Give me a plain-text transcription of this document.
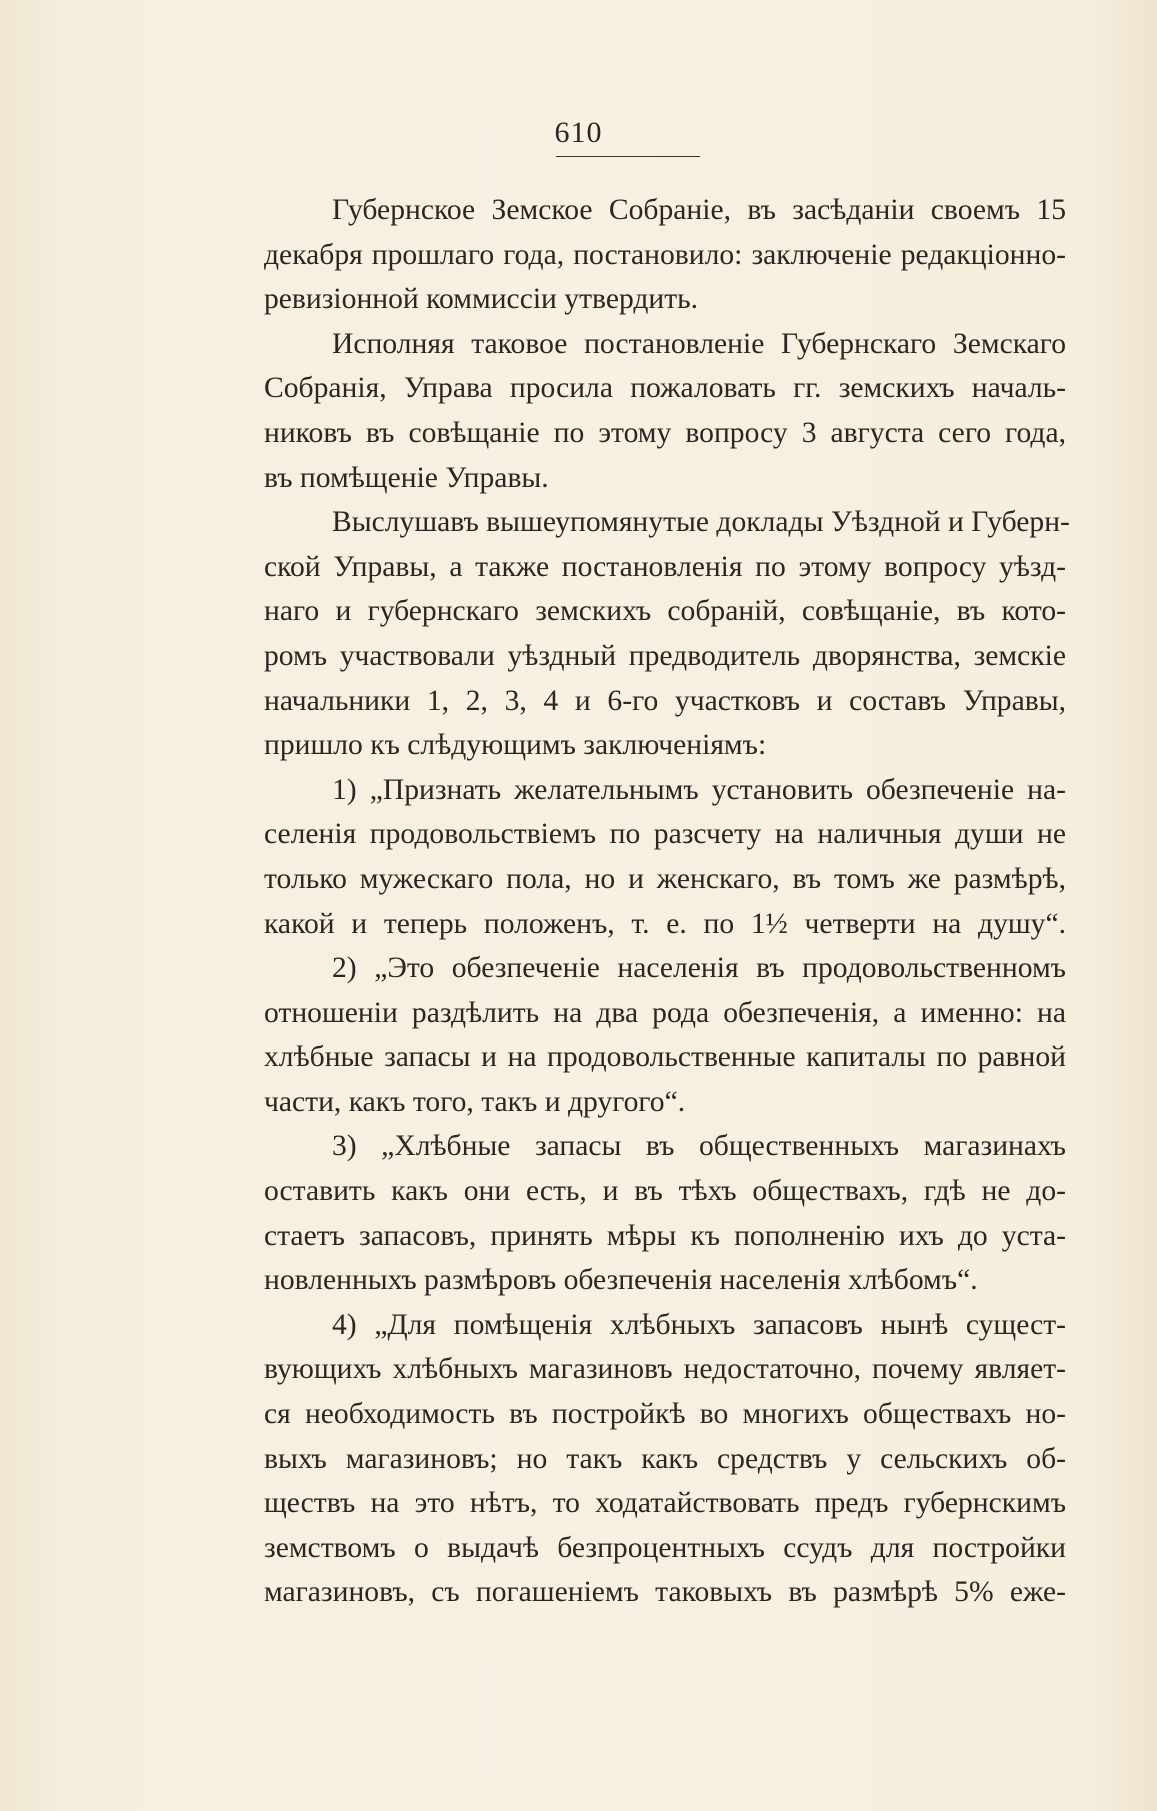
610
Губернское Земское Собраніе, въ засѣданіи своемъ 15
декабря прошлаго года, постановило: заключеніе редакціонно-
ревизіонной коммиссіи утвердить.
Исполняя таковое постановленіе Губернскаго Земскаго
Собранія, Управа просила пожаловать гг. земскихъ началь-
никовъ въ совѣщаніе по этому вопросу 3 августа сего года,
въ помѣщеніе Управы.
Выслушавъ вышеупомянутые доклады Уѣздной и Губерн-
ской Управы, а также постановленія по этому вопросу уѣзд-
наго и губернскаго земскихъ собраній, совѣщаніе, въ кото-
ромъ участвовали уѣздный предводитель дворянства, земскіе
начальники 1, 2, 3, 4 и 6-го участковъ и составъ Управы,
пришло къ слѣдующимъ заключеніямъ:
1) „Признать желательнымъ установить обезпеченіе на-
селенія продовольствіемъ по разсчету на наличныя души не
только мужескаго пола, но и женскаго, въ томъ же размѣрѣ,
какой и теперь положенъ, т. е. по 1½ четверти на душу“.
2) „Это обезпеченіе населенія въ продовольственномъ
отношеніи раздѣлить на два рода обезпеченія, а именно: на
хлѣбные запасы и на продовольственные капиталы по равной
части, какъ того, такъ и другого“.
3) „Хлѣбные запасы въ общественныхъ магазинахъ
оставить какъ они есть, и въ тѣхъ обществахъ, гдѣ не до-
стаетъ запасовъ, принять мѣры къ пополненію ихъ до уста-
новленныхъ размѣровъ обезпеченія населенія хлѣбомъ“.
4) „Для помѣщенія хлѣбныхъ запасовъ нынѣ сущест-
вующихъ хлѣбныхъ магазиновъ недостаточно, почему являет-
ся необходимость въ постройкѣ во многихъ обществахъ но-
выхъ магазиновъ; но такъ какъ средствъ у сельскихъ об-
ществъ на это нѣтъ, то ходатайствовать предъ губернскимъ
земствомъ о выдачѣ безпроцентныхъ ссудъ для постройки
магазиновъ, съ погашеніемъ таковыхъ въ размѣрѣ 5% еже-
